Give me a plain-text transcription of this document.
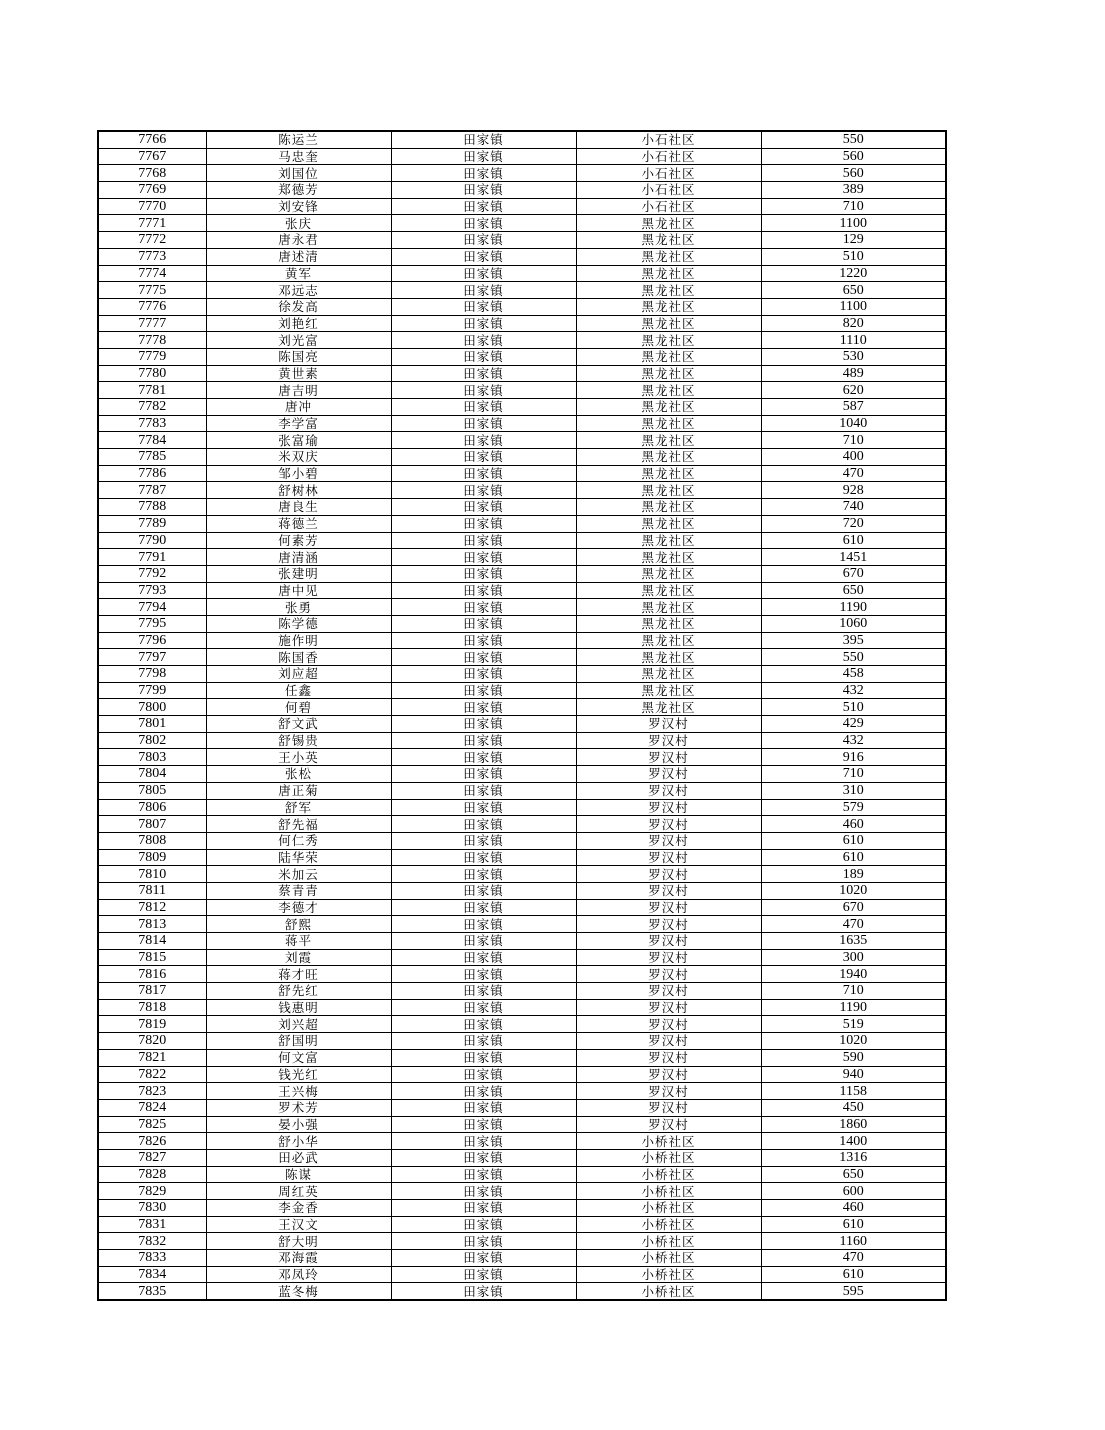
7766	陈运兰	田家镇	小石社区	550
7767	马忠奎	田家镇	小石社区	560
7768	刘国位	田家镇	小石社区	560
7769	郑德芳	田家镇	小石社区	389
7770	刘安锋	田家镇	小石社区	710
7771	张庆	田家镇	黑龙社区	1100
7772	唐永君	田家镇	黑龙社区	129
7773	唐述清	田家镇	黑龙社区	510
7774	黄军	田家镇	黑龙社区	1220
7775	邓远志	田家镇	黑龙社区	650
7776	徐发高	田家镇	黑龙社区	1100
7777	刘艳红	田家镇	黑龙社区	820
7778	刘光富	田家镇	黑龙社区	1110
7779	陈国亮	田家镇	黑龙社区	530
7780	黄世素	田家镇	黑龙社区	489
7781	唐吉明	田家镇	黑龙社区	620
7782	唐冲	田家镇	黑龙社区	587
7783	李学富	田家镇	黑龙社区	1040
7784	张富瑜	田家镇	黑龙社区	710
7785	米双庆	田家镇	黑龙社区	400
7786	邹小碧	田家镇	黑龙社区	470
7787	舒树林	田家镇	黑龙社区	928
7788	唐良生	田家镇	黑龙社区	740
7789	蒋德兰	田家镇	黑龙社区	720
7790	何素芳	田家镇	黑龙社区	610
7791	唐清涵	田家镇	黑龙社区	1451
7792	张建明	田家镇	黑龙社区	670
7793	唐中见	田家镇	黑龙社区	650
7794	张勇	田家镇	黑龙社区	1190
7795	陈学德	田家镇	黑龙社区	1060
7796	施作明	田家镇	黑龙社区	395
7797	陈国香	田家镇	黑龙社区	550
7798	刘应超	田家镇	黑龙社区	458
7799	任鑫	田家镇	黑龙社区	432
7800	何碧	田家镇	黑龙社区	510
7801	舒文武	田家镇	罗汉村	429
7802	舒锡贵	田家镇	罗汉村	432
7803	王小英	田家镇	罗汉村	916
7804	张松	田家镇	罗汉村	710
7805	唐正菊	田家镇	罗汉村	310
7806	舒军	田家镇	罗汉村	579
7807	舒先福	田家镇	罗汉村	460
7808	何仁秀	田家镇	罗汉村	610
7809	陆华荣	田家镇	罗汉村	610
7810	米加云	田家镇	罗汉村	189
7811	蔡青青	田家镇	罗汉村	1020
7812	李德才	田家镇	罗汉村	670
7813	舒熙	田家镇	罗汉村	470
7814	蒋平	田家镇	罗汉村	1635
7815	刘霞	田家镇	罗汉村	300
7816	蒋才旺	田家镇	罗汉村	1940
7817	舒先红	田家镇	罗汉村	710
7818	钱惠明	田家镇	罗汉村	1190
7819	刘兴超	田家镇	罗汉村	519
7820	舒国明	田家镇	罗汉村	1020
7821	何文富	田家镇	罗汉村	590
7822	钱光红	田家镇	罗汉村	940
7823	王兴梅	田家镇	罗汉村	1158
7824	罗术芳	田家镇	罗汉村	450
7825	晏小强	田家镇	罗汉村	1860
7826	舒小华	田家镇	小桥社区	1400
7827	田必武	田家镇	小桥社区	1316
7828	陈谋	田家镇	小桥社区	650
7829	周红英	田家镇	小桥社区	600
7830	李金香	田家镇	小桥社区	460
7831	王汉文	田家镇	小桥社区	610
7832	舒大明	田家镇	小桥社区	1160
7833	邓海霞	田家镇	小桥社区	470
7834	邓凤玲	田家镇	小桥社区	610
7835	蓝冬梅	田家镇	小桥社区	595
